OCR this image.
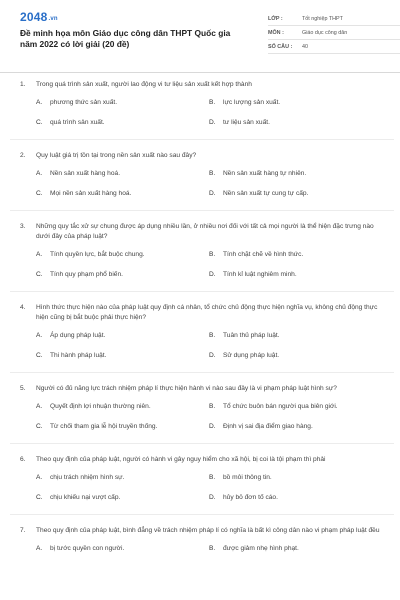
2048.vn
Đề minh họa môn Giáo dục công dân THPT Quốc gia năm 2022 có lời giải (20 đề)
LỚP :	Tốt nghiệp THPT
MÔN :	Giáo dục công dân
SỐ CÂU :	40
1.	Trong quá trình sản xuất, người lao động vi tư liệu sản xuất kết hợp thành
A.	phương thức sản xuất.	B.	lực lượng sản xuất.
C.	quá trình sản xuất.	D.	tư liệu sản xuất.
2.	Quy luật giá trị tồn tại trong nền sản xuất nào sau đây?
A.	Nền sản xuất hàng hoá.	B.	Nền sản xuất hàng tự nhiên.
C.	Mọi nền sản xuất hàng hoá.	D.	Nền sản xuất tự cung tự cấp.
3.	Những quy tắc xử sự chung được áp dụng nhiều lần, ở nhiều nơi đối với tất cả mọi người là thể hiện đặc trưng nào dưới đây của pháp luật?
A.	Tính quyền lực, bắt buộc chung.	B.	Tính chặt chẽ về hình thức.
C.	Tính quy phạm phổ biến.	D.	Tính kỉ luật nghiêm minh.
4.	Hình thức thực hiện nào của pháp luật quy định cá nhân, tổ chức chủ động thực hiện nghĩa vụ, không chủ động thực hiện cũng bị bắt buộc phải thực hiện?
A.	Áp dụng pháp luật.	B.	Tuân thủ pháp luật.
C.	Thi hành pháp luật.	D.	Sử dụng pháp luật.
5.	Người có đủ năng lực trách nhiệm pháp lí thực hiện hành vi nào sau đây là vi phạm pháp luật hình sự?
A.	Quyết định lợi nhuận thường niên.	B.	Tổ chức buôn bán người qua biên giới.
C.	Từ chối tham gia lễ hội truyền thống.	D.	Định vị sai địa điểm giao hàng.
6.	Theo quy định của pháp luật, người có hành vi gây nguy hiểm cho xã hội, bị coi là tội phạm thì phải
A.	chịu trách nhiệm hình sự.	B.	bồ môi thông tin.
C.	chịu khiếu nại vượt cấp.	D.	hủy bỏ đơn tố cáo.
7.	Theo quy định của pháp luật, bình đẳng về trách nhiệm pháp lí có nghĩa là bất kì công dân nào vi phạm pháp luật đều
A.	bị tước quyền con người.	B.	được giảm nhẹ hình phạt.
